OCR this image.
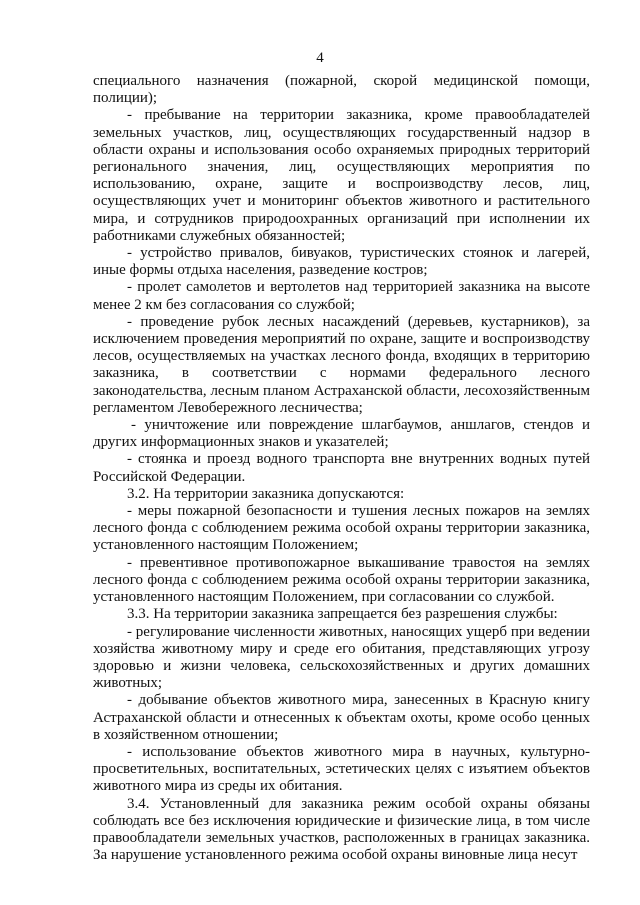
4

специального назначения (пожарной, скорой медицинской помощи, полиции);

- пребывание на территории заказника, кроме правообладателей земельных участков, лиц, осуществляющих государственный надзор в области охраны и использования особо охраняемых природных территорий регионального значения, лиц, осуществляющих мероприятия по использованию, охране, защите и воспроизводству лесов, лиц, осуществляющих учет и мониторинг объектов животного и растительного мира, и сотрудников природоохранных организаций при исполнении их работниками служебных обязанностей;

- устройство привалов, бивуаков, туристических стоянок и лагерей, иные формы отдыха населения, разведение костров;

- пролет самолетов и вертолетов над территорией заказника на высоте менее 2 км без согласования со службой;

- проведение рубок лесных насаждений (деревьев, кустарников), за исключением проведения мероприятий по охране, защите и воспроизводству лесов, осуществляемых на участках лесного фонда, входящих в территорию заказника, в соответствии с нормами федерального лесного законодательства, лесным планом Астраханской области, лесохозяйственным регламентом Левобережного лесничества;

- уничтожение или повреждение шлагбаумов, аншлагов, стендов и других информационных знаков и указателей;

- стоянка и проезд водного транспорта вне внутренних водных путей Российской Федерации.

3.2. На территории заказника допускаются:

- меры пожарной безопасности и тушения лесных пожаров на землях лесного фонда с соблюдением режима особой охраны территории заказника, установленного настоящим Положением;

- превентивное противопожарное выкашивание травостоя на землях лесного фонда с соблюдением режима особой охраны территории заказника, установленного настоящим Положением, при согласовании со службой.

3.3. На территории заказника запрещается без разрешения службы:

- регулирование численности животных, наносящих ущерб при ведении хозяйства животному миру и среде его обитания, представляющих угрозу здоровью и жизни человека, сельскохозяйственных и других домашних животных;

- добывание объектов животного мира, занесенных в Красную книгу Астраханской области и отнесенных к объектам охоты, кроме особо ценных в хозяйственном отношении;

- использование объектов животного мира в научных, культурно-просветительных, воспитательных, эстетических целях с изъятием объектов животного мира из среды их обитания.

3.4. Установленный для заказника режим особой охраны обязаны соблюдать все без исключения юридические и физические лица, в том числе правообладатели земельных участков, расположенных в границах заказника. За нарушение установленного режима особой охраны виновные лица несут
